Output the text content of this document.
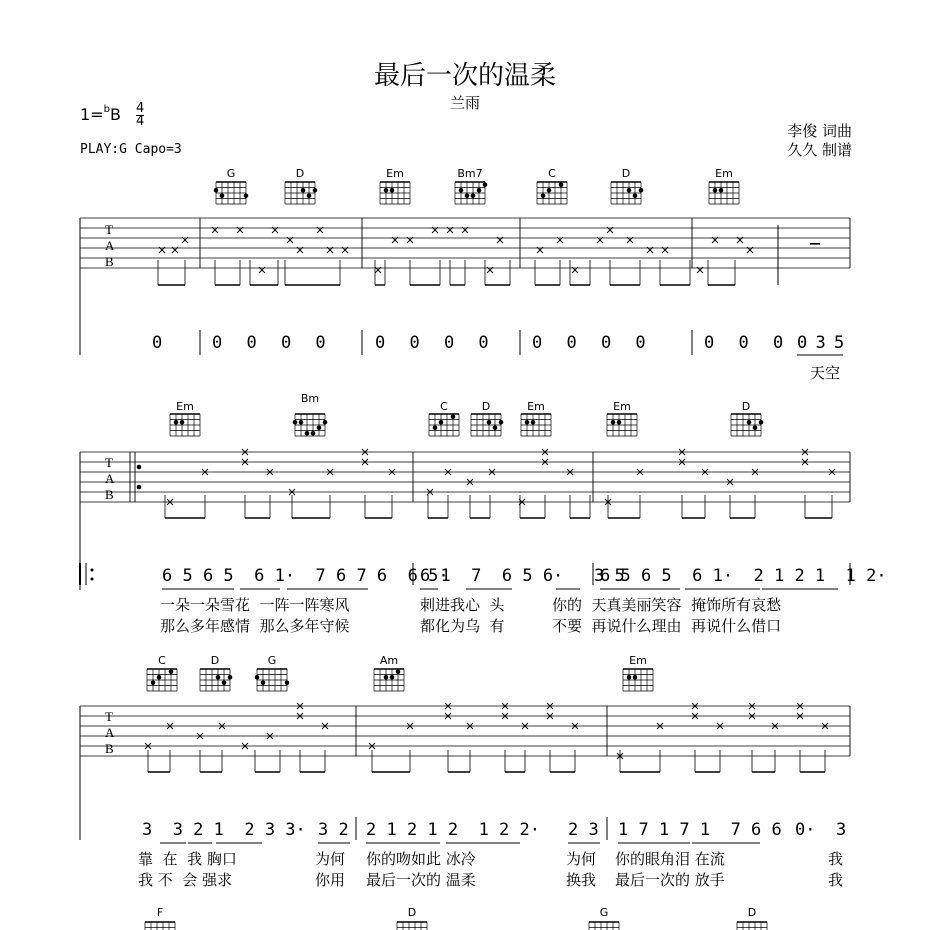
最后一次的温柔
兰雨
$1=^bB \frac{4}{4}$
PLAY:G Capo=3
李俊 词曲
久久 制谱
G	D	Em	Bm7	C	D	Em
T
A
B
0	0 0 0 0	0 0 0 0	0 0 0 0	0 0 0 0 3 5
天空
Em
Bm
C	D	Em	Em	D
T
A
B
6 5 6 5  6 1·  7 6 7 6  6 5·
6 1  7  6 5 6·   3 5
6 5 6 5  6 1·  2 1 2 1  1 2·
一朵一朵雪花  一阵一阵寒风	刺进我心  头	你的  天真美丽笑容  掩饰所有哀愁
那么多年感情  那么多年守候	都化为乌  有	不要  再说什么理由  再说什么借口
C	D	G	Am	Em
T
A
B
3  3 2 1  2 3 3· 3 2 2 1 2 1 2  1 2 2· 2 3 1 7 1 7 1  7 6 6 0·  3
靠  在  我 胸口	为何 你的吻如此 冰冷	为何 你的眼角泪 在流	我
我 不  会 强求	你用 最后一次的 温柔	换我 最后一次的 放手	我
F	D	G	D
